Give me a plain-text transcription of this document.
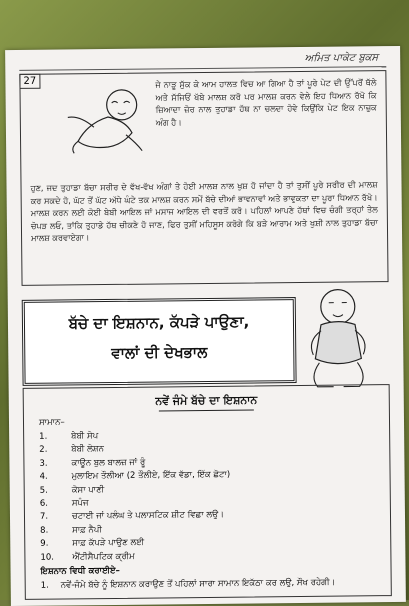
ਅਮਿਤ ਪਾਕੇਟ ਬੁਕਸ
27	ਜੇ ਨਾੜੂ ਸੁੱਕ ਕੇ ਆਮ ਹਾਲਤ ਵਿਚ ਆ ਗਿਆ ਹੈ ਤਾਂ ਪੂਰੇ ਪੇਟ ਦੀ ਉੱਪਰੋਂ ਥੱਲੇ ਅਤੇ ਸੱਜਿਓਂ ਖੱਬੇ ਮਾਲਸ਼ ਕਰੋ ਪਰ ਮਾਲਸ਼ ਕਰਨ ਵੇਲੇ ਇਹ ਧਿਆਨ ਰੱਖੋ ਕਿ ਜ਼ਿਆਦਾ ਜ਼ੋਰ ਨਾਲ ਤੁਹਾਡਾ ਹੱਥ ਨਾ ਚਲਦਾ ਹੋਵੇ ਕਿਉਂਕਿ ਪੇਟ ਇਕ ਨਾਜ਼ੁਕ ਅੰਗ ਹੈ।

ਹੁਣ, ਜਦ ਤੁਹਾਡਾ ਬੱਚਾ ਸਰੀਰ ਦੇ ਵੱਖ-ਵੱਖ ਅੰਗਾਂ ਤੇ ਹੋਈ ਮਾਲਸ਼ ਨਾਲ ਖੁਸ਼ ਹੋ ਜਾਂਦਾ ਹੈ ਤਾਂ ਤੁਸੀਂ ਪੂਰੇ ਸਰੀਰ ਦੀ ਮਾਲਸ਼ ਕਰ ਸਕਦੇ ਹੋ, ਘੱਟ ਤੋਂ ਘੱਟ ਅੱਧੇ ਘੰਟੇ ਤਕ ਮਾਲਸ਼ ਕਰਨ ਸਮੇਂ ਬੱਚੇ ਦੀਆਂ ਭਾਵਨਾਵਾਂ ਅਤੇ ਭਾਵੁਕਤਾ ਦਾ ਪੂਰਾ ਧਿਆਨ ਰੱਖੋ। ਮਾਲਸ਼ ਕਰਨ ਲਈ ਕੋਈ ਬੇਬੀ ਆਇਲ ਜਾਂ ਮਸਾਜ ਆਇਲ ਦੀ ਵਰਤੋਂ ਕਰੋ। ਪਹਿਲਾਂ ਆਪਣੇ ਹੱਥਾਂ ਵਿਚ ਚੰਗੀ ਤਰ੍ਹਾਂ ਤੇਲ ਚੋਪੜ ਲਓ, ਤਾਂਕਿ ਤੁਹਾਡੇ ਹੱਥ ਚੀਕਣੇ ਹੋ ਜਾਣ, ਫਿਰ ਤੁਸੀਂ ਮਹਿਸੂਸ ਕਰੋਗੇ ਕਿ ਬੜੇ ਆਰਾਮ ਅਤੇ ਖੁਸ਼ੀ ਨਾਲ ਤੁਹਾਡਾ ਬੱਚਾ ਮਾਲਸ਼ ਕਰਵਾਏਗਾ।

ਬੱਚੇ ਦਾ ਇਸ਼ਨਾਨ, ਕੱਪੜੇ ਪਾਉਣਾ,

ਵਾਲਾਂ ਦੀ ਦੇਖਭਾਲ

ਨਵੇਂ ਜੰਮੇ ਬੱਚੇ ਦਾ ਇਸ਼ਨਾਨ

ਸਾਮਾਨ–

1.	ਬੇਬੀ ਸੋਪ
2.	ਬੇਬੀ ਲੋਸ਼ਨ
3.	ਕਾਊਨ ਬੁਲ ਬਾਲਜ਼ ਜਾਂ ਰੂੰ
4.	ਮੁਲਾਇਮ ਤੌਲੀਆ (2 ਤੌਲੀਏ, ਇੱਕ ਵੱਡਾ, ਇੱਕ ਛੋਟਾ)
5.	ਕੋਸਾ ਪਾਣੀ
6.	ਸਪੰਜ
7.	ਚਟਾਈ ਜਾਂ ਪਲੰਘ ਤੇ ਪਲਾਸਟਿਕ ਸ਼ੀਟ ਵਿਛਾ ਲਉ।
8.	ਸਾਫ਼ ਨੈਪੀ
9.	ਸਾਫ਼ ਕੱਪੜੇ ਪਾਉਣ ਲਈ
10. ਐਂਟੀਸੈਪਟਿਕ ਕ੍ਰੀਮ

ਇਸ਼ਨਾਨ ਵਿਧੀ ਕਰਾਈਏ–

1. ਨਵੇਂ-ਜੰਮੇ ਬੱਚੇ ਨੂੰ ਇਸ਼ਨਾਨ ਕਰਾਉਣ ਤੋਂ ਪਹਿਲਾਂ ਸਾਰਾ ਸਾਮਾਨ ਇਕੱਠਾ ਕਰ ਲਉ, ਸੌਖ ਰਹੇਗੀ।
